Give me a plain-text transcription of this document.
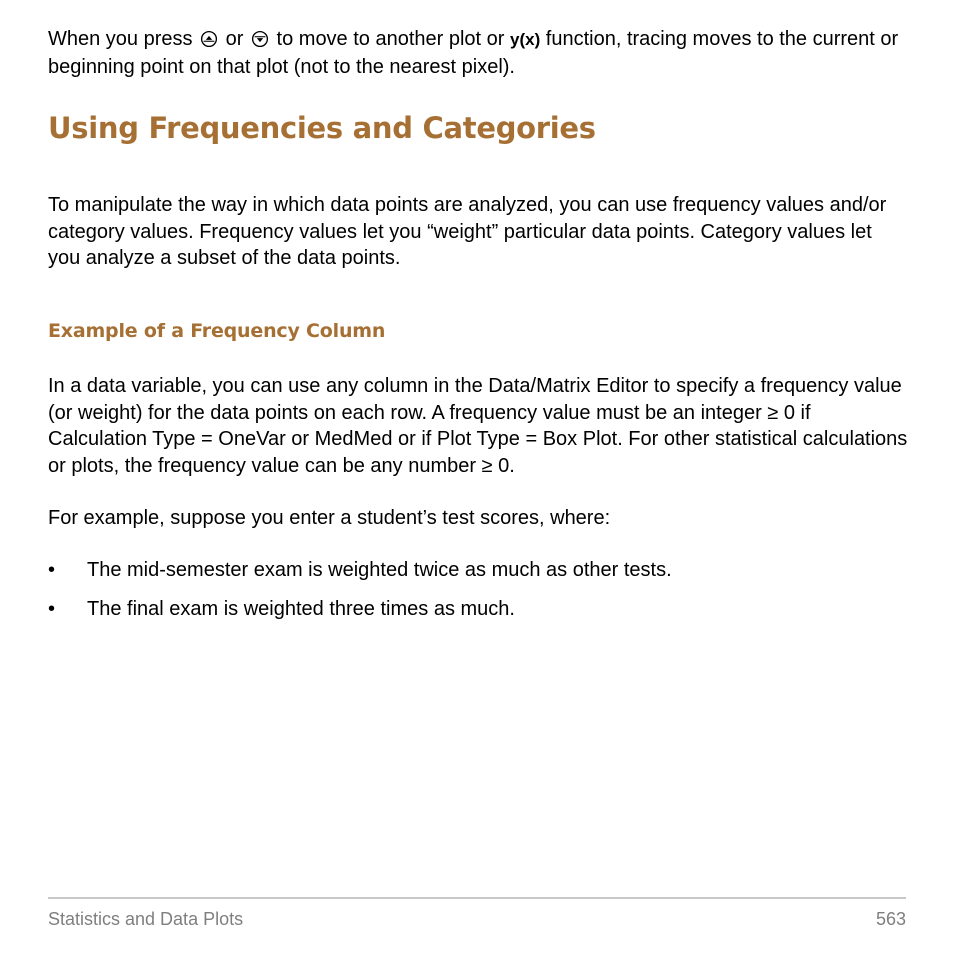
When you press  or  to move to another plot or y(x) function, tracing moves to the current or beginning point on that plot (not to the nearest pixel).

Using Frequencies and Categories

To manipulate the way in which data points are analyzed, you can use frequency values and/or category values. Frequency values let you “weight” particular data points. Category values let you analyze a subset of the data points.

Example of a Frequency Column

In a data variable, you can use any column in the Data/Matrix Editor to specify a frequency value (or weight) for the data points on each row. A frequency value must be an integer ≥ 0 if Calculation Type = OneVar or MedMed or if Plot Type = Box Plot. For other statistical calculations or plots, the frequency value can be any number ≥ 0.

For example, suppose you enter a student’s test scores, where:

• The mid-semester exam is weighted twice as much as other tests.
• The final exam is weighted three times as much.
Statistics and Data Plots	563
